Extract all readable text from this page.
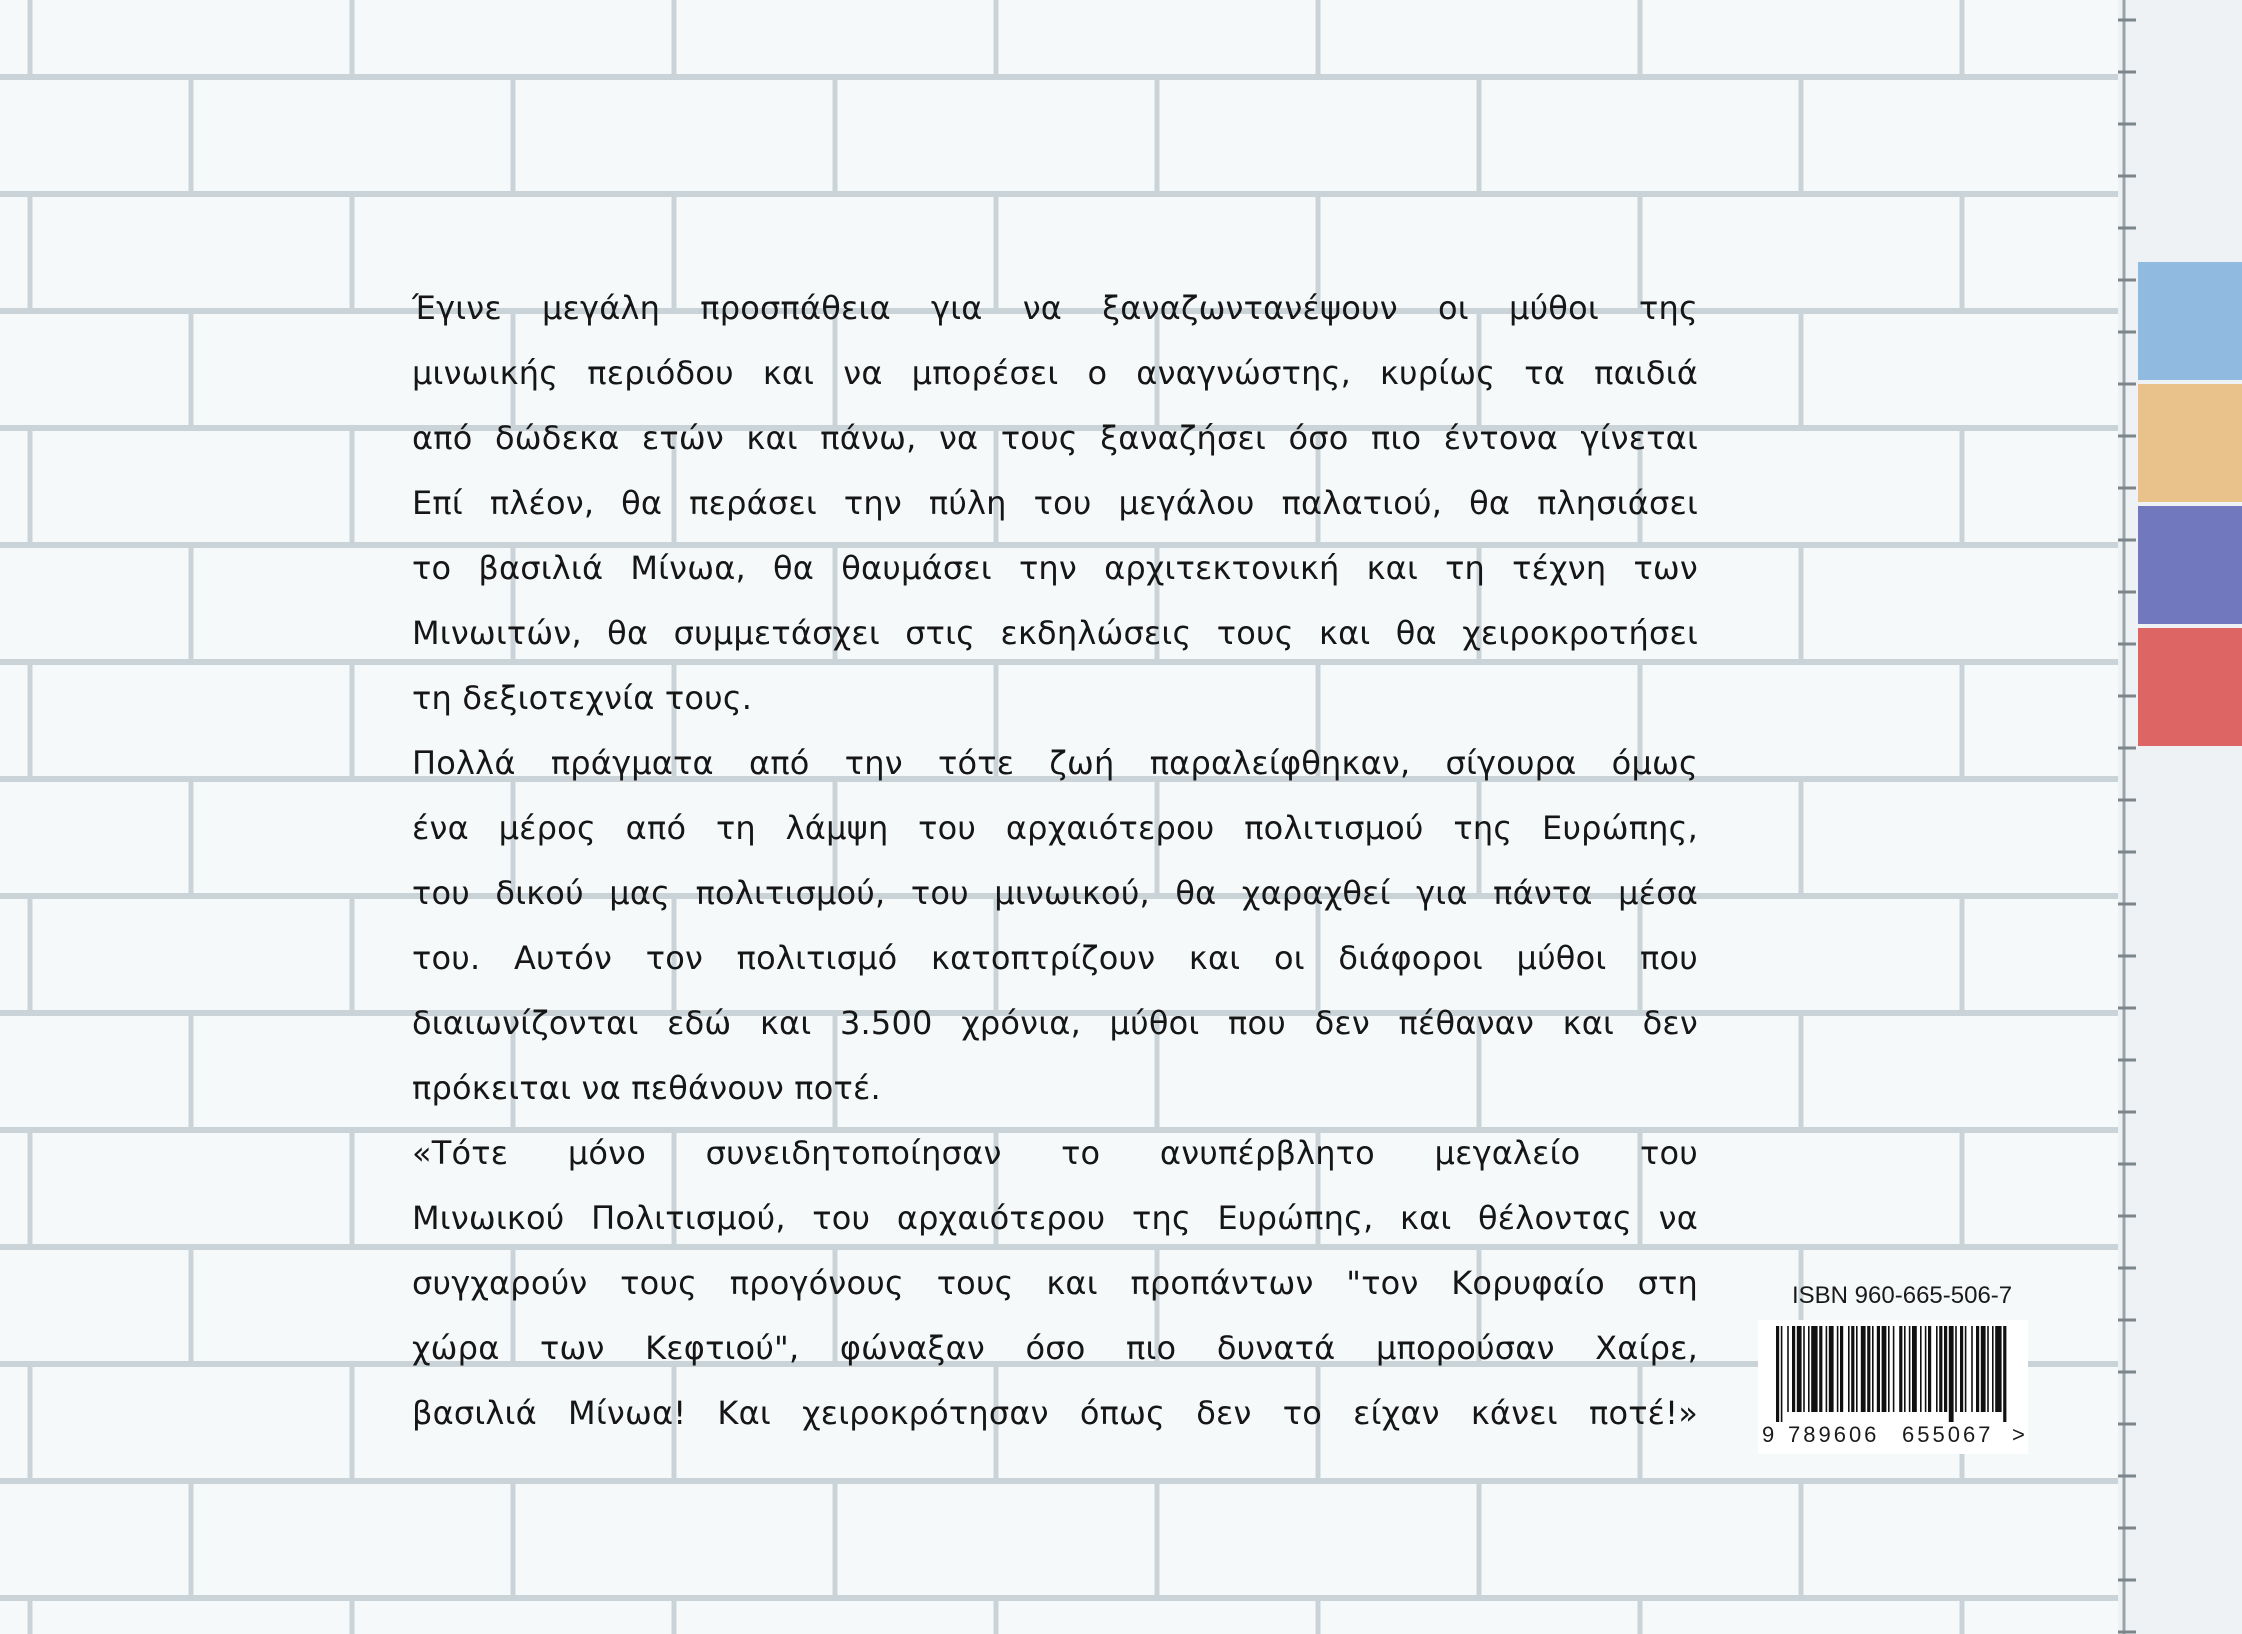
Έγινε μεγάλη προσπάθεια για να ξαναζωντανέψουν οι μύθοι της
μινωικής περιόδου και να μπορέσει ο αναγνώστης, κυρίως τα παιδιά
από δώδεκα ετών και πάνω, να τους ξαναζήσει όσο πιο έντονα γίνεται
Επί πλέον, θα περάσει την πύλη του μεγάλου παλατιού, θα πλησιάσει
το βασιλιά Μίνωα, θα θαυμάσει την αρχιτεκτονική και τη τέχνη των
Μινωιτών, θα συμμετάσχει στις εκδηλώσεις τους και θα χειροκροτήσει
τη δεξιοτεχνία τους.
Πολλά πράγματα από την τότε ζωή παραλείφθηκαν, σίγουρα όμως
ένα μέρος από τη λάμψη του αρχαιότερου πολιτισμού της Ευρώπης,
του δικού μας πολιτισμού, του μινωικού, θα χαραχθεί για πάντα μέσα
του. Αυτόν τον πολιτισμό κατοπτρίζουν και οι διάφοροι μύθοι που
διαιωνίζονται εδώ και 3.500 χρόνια, μύθοι που δεν πέθαναν και δεν
πρόκειται να πεθάνουν ποτέ.
«Τότε μόνο συνειδητοποίησαν το ανυπέρβλητο μεγαλείο του
Μινωικού Πολιτισμού, του αρχαιότερου της Ευρώπης, και θέλοντας να
συγχαρούν τους προγόνους τους και προπάντων "τον Κορυφαίο στη
χώρα των Κεφτιού", φώναξαν όσο πιο δυνατά μπορούσαν Χαίρε,
βασιλιά Μίνωα! Και χειροκρότησαν όπως δεν το είχαν κάνει ποτέ!»
ISBN 960-665-506-7
9 789606 655067 >
